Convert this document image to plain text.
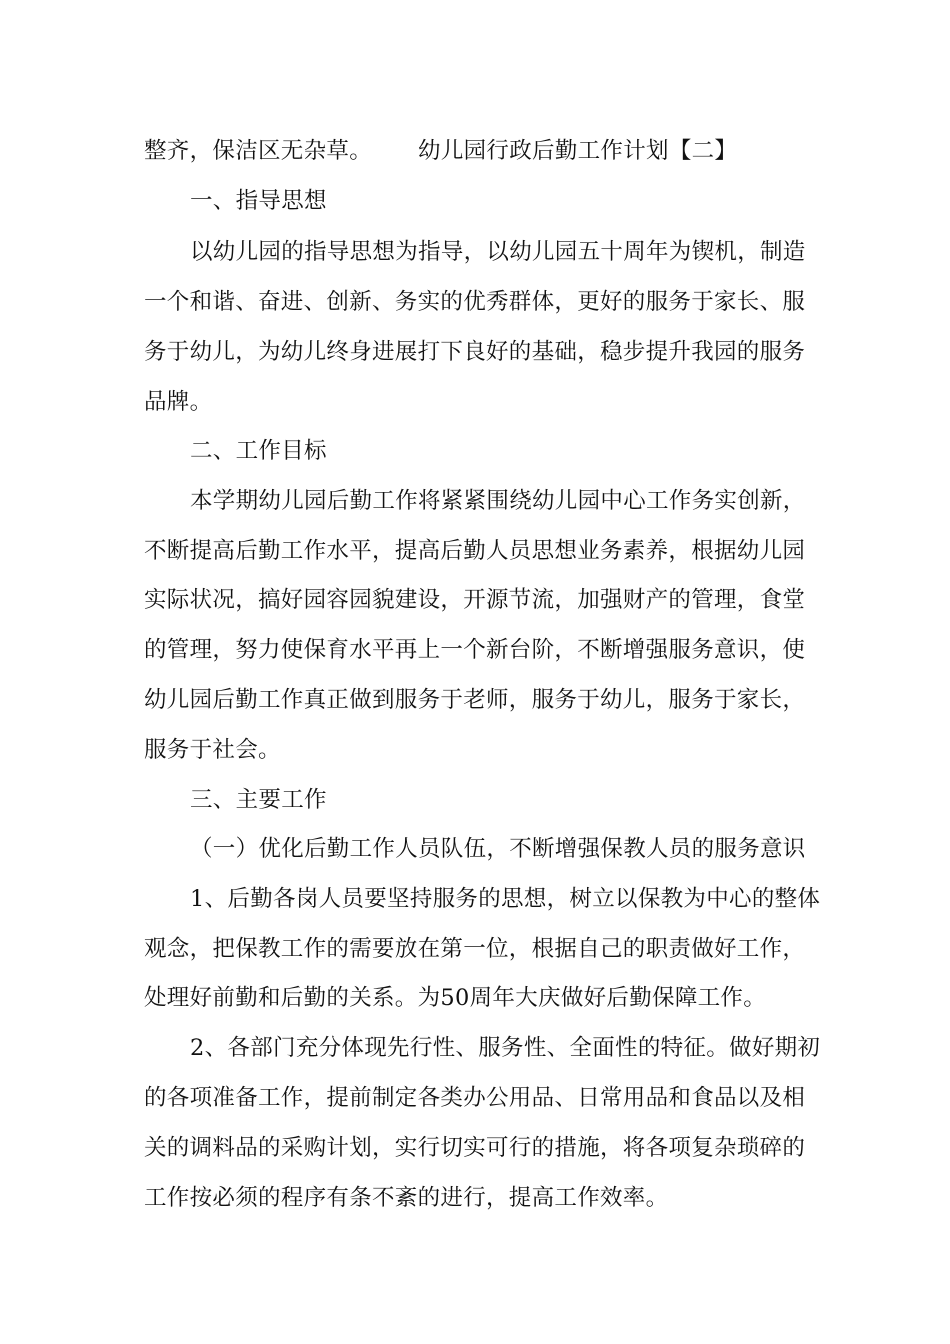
整齐，保洁区无杂草。 幼儿园行政后勤工作计划【二】
一、指导思想
以幼儿园的指导思想为指导，以幼儿园五十周年为锲机，制造
一个和谐、奋进、创新、务实的优秀群体，更好的服务于家长、服
务于幼儿，为幼儿终身进展打下良好的基础，稳步提升我园的服务
品牌。
二、工作目标
本学期幼儿园后勤工作将紧紧围绕幼儿园中心工作务实创新，
不断提高后勤工作水平，提高后勤人员思想业务素养，根据幼儿园
实际状况，搞好园容园貌建设，开源节流，加强财产的管理，食堂
的管理，努力使保育水平再上一个新台阶，不断增强服务意识，使
幼儿园后勤工作真正做到服务于老师，服务于幼儿，服务于家长，
服务于社会。
三、主要工作
（一）优化后勤工作人员队伍，不断增强保教人员的服务意识
1、后勤各岗人员要坚持服务的思想，树立以保教为中心的整体
观念，把保教工作的需要放在第一位，根据自己的职责做好工作，
处理好前勤和后勤的关系。为50周年大庆做好后勤保障工作。
2、各部门充分体现先行性、服务性、全面性的特征。做好期初
的各项准备工作，提前制定各类办公用品、日常用品和食品以及相
关的调料品的采购计划，实行切实可行的措施，将各项复杂琐碎的
工作按必须的程序有条不紊的进行，提高工作效率。
